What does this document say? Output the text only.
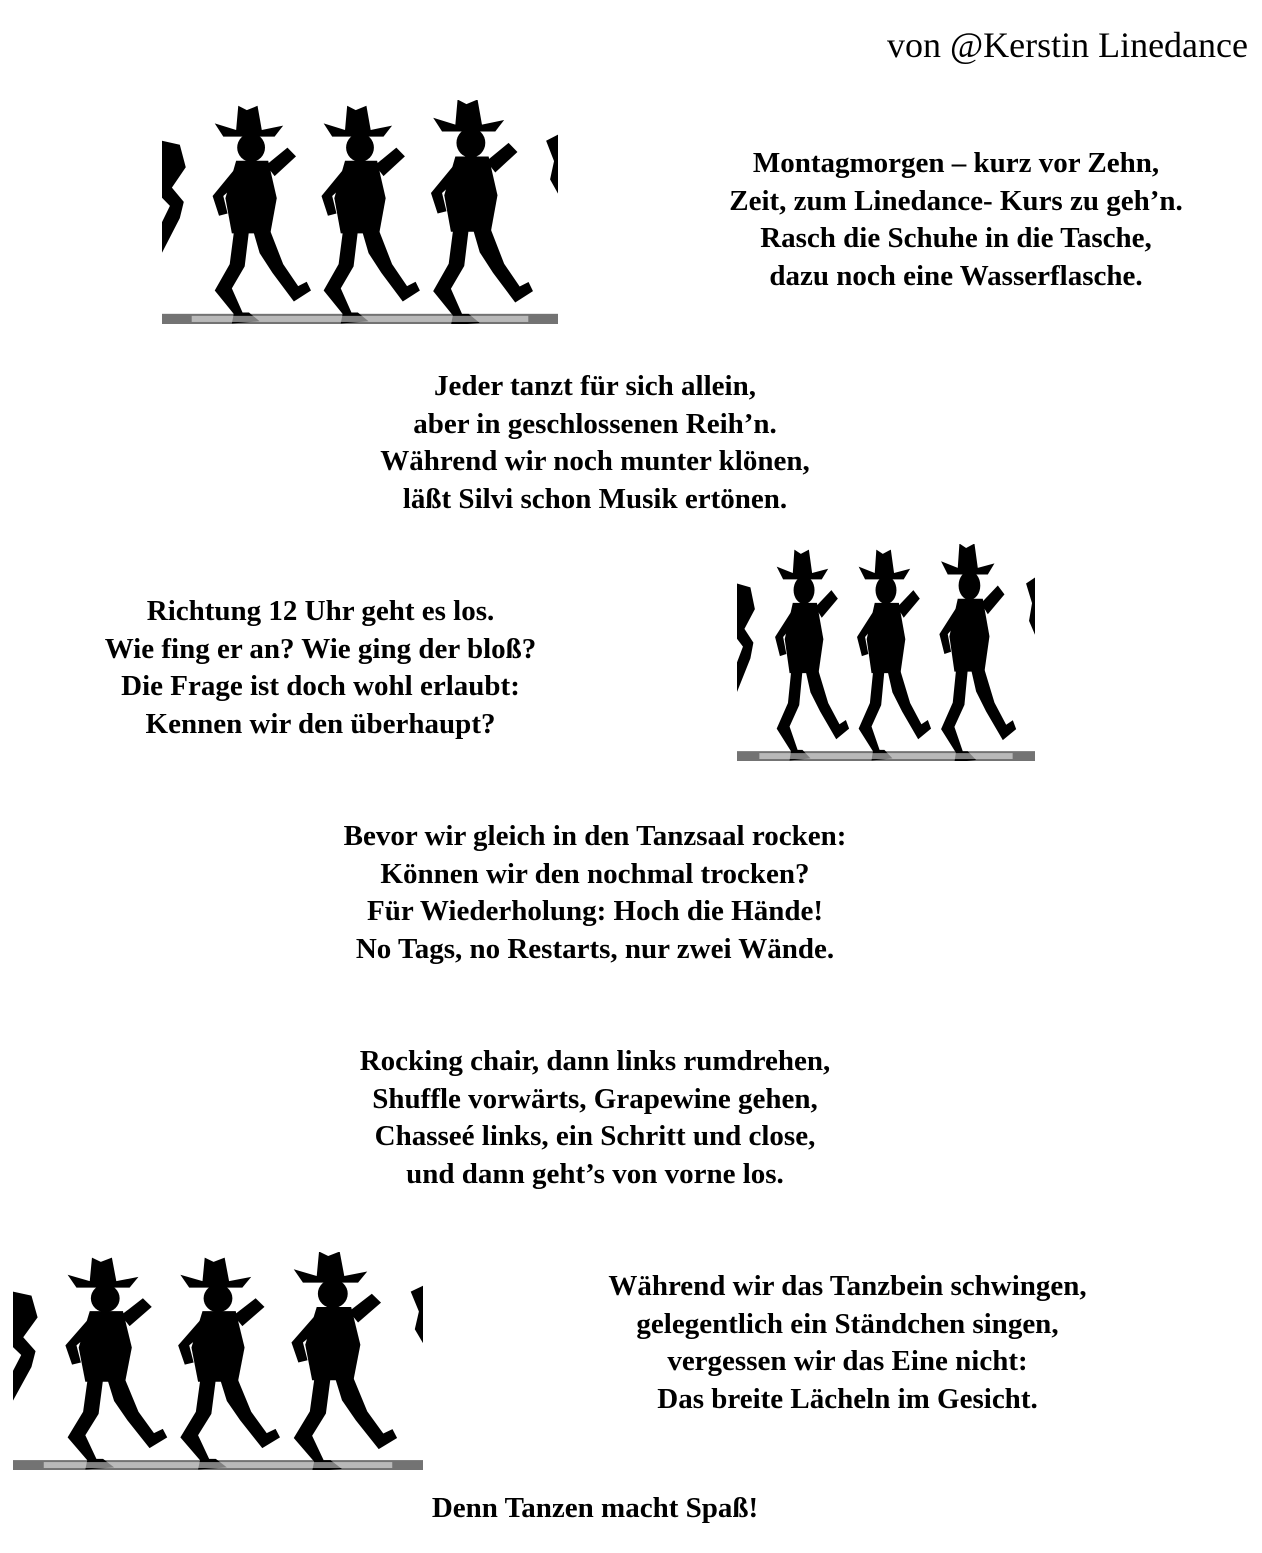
von @Kerstin Linedance
Montagmorgen – kurz vor Zehn,
Zeit, zum Linedance- Kurs zu geh’n.
Rasch die Schuhe in die Tasche,
dazu noch eine Wasserflasche.
Jeder tanzt für sich allein,
aber in geschlossenen Reih’n.
Während wir noch munter klönen,
läßt Silvi schon Musik ertönen.
Richtung 12 Uhr geht es los.
Wie fing er an? Wie ging der bloß?
Die Frage ist doch wohl erlaubt:
Kennen wir den überhaupt?
Bevor wir gleich in den Tanzsaal rocken:
Können wir den nochmal trocken?
Für Wiederholung: Hoch die Hände!
No Tags, no Restarts, nur zwei Wände.
Rocking chair, dann links rumdrehen,
Shuffle vorwärts, Grapewine gehen,
Chasseé links, ein Schritt und close,
und dann geht’s von vorne los.
Während wir das Tanzbein schwingen,
gelegentlich ein Ständchen singen,
vergessen wir das Eine nicht:
Das breite Lächeln im Gesicht.
Denn Tanzen macht Spaß!
